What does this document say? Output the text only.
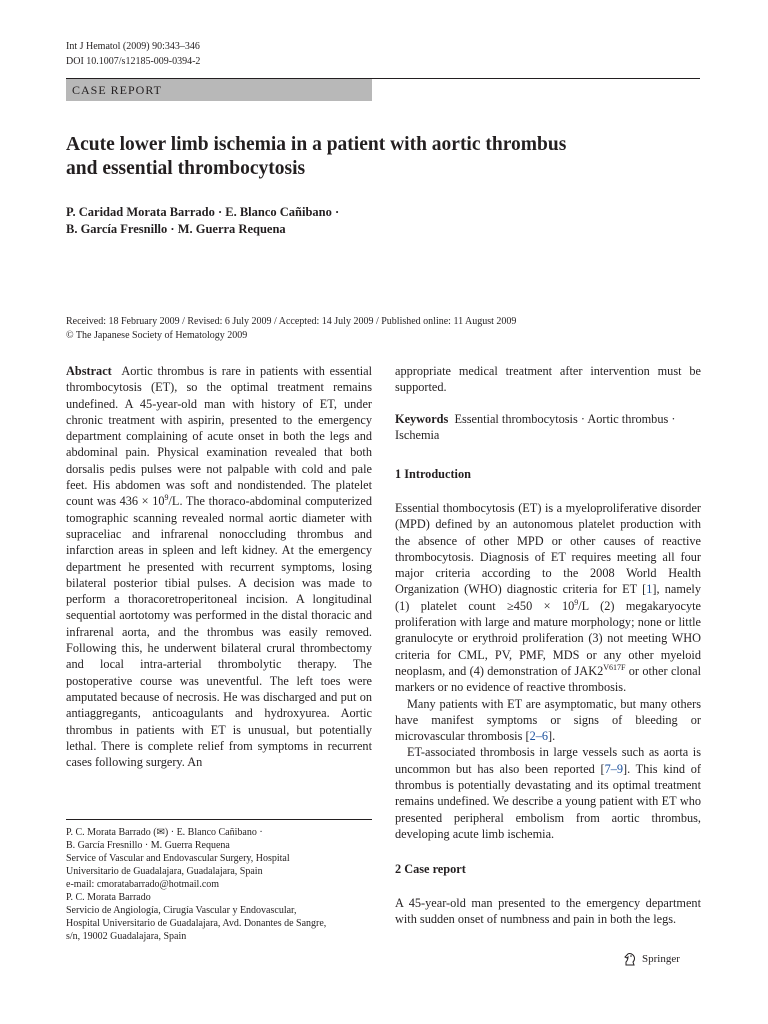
Int J Hematol (2009) 90:343–346
DOI 10.1007/s12185-009-0394-2
CASE REPORT
Acute lower limb ischemia in a patient with aortic thrombus
and essential thrombocytosis
P. Caridad Morata Barrado · E. Blanco Cañibano ·
B. García Fresnillo · M. Guerra Requena
Received: 18 February 2009 / Revised: 6 July 2009 / Accepted: 14 July 2009 / Published online: 11 August 2009
© The Japanese Society of Hematology 2009

Abstract Aortic thrombus is rare in patients with essential thrombocytosis (ET), so the optimal treatment remains undefined. A 45-year-old man with history of ET, under chronic treatment with aspirin, presented to the emergency department complaining of acute onset in both the legs and abdominal pain. Physical examination revealed that both dorsalis pedis pulses were not palpable with cold and pale feet. His abdomen was soft and nondistended. The platelet count was $436 \times 10^9/L$. The thoraco-abdominal computerized tomographic scanning revealed normal aortic diameter with supraceliac and infrarenal nonoccluding thrombus and infarction areas in spleen and left kidney. At the emergency department he presented with recurrent symptoms, losing bilateral posterior tibial pulses. A decision was made to perform a thoracoretroperitoneal incision. A longitudinal sequential aortotomy was performed in the distal thoracic and infrarenal aorta, and the thrombus was easily removed. Following this, he underwent bilateral crural thrombectomy and local intra-arterial thrombolytic therapy. The postoperative course was uneventful. The left toes were amputated because of necrosis. He was discharged and put on antiaggregants, anticoagulants and hydroxyurea. Aortic thrombus in patients with ET is unusual, but potentially lethal. There is complete relief from symptoms in recurrent cases following surgery. An

P. C. Morata Barrado (✉) · E. Blanco Cañibano ·
B. García Fresnillo · M. Guerra Requena
Service of Vascular and Endovascular Surgery, Hospital
Universitario de Guadalajara, Guadalajara, Spain
e-mail: cmoratabarrado@hotmail.com
P. C. Morata Barrado
Servicio de Angiología, Cirugía Vascular y Endovascular,
Hospital Universitario de Guadalajara, Avd. Donantes de Sangre,
s/n, 19002 Guadalajara, Spain

appropriate medical treatment after intervention must be supported.

Keywords Essential thrombocytosis · Aortic thrombus · Ischemia

1 Introduction

Essential thombocytosis (ET) is a myeloproliferative disorder (MPD) defined by an autonomous platelet production with the absence of other MPD or other causes of reactive thrombocytosis. Diagnosis of ET requires meeting all four major criteria according to the 2008 World Health Organization (WHO) diagnostic criteria for ET [1], namely (1) platelet count $\ge 450 \times 10^9/L$ (2) megakaryocyte proliferation with large and mature morphology; none or little granulocyte or erythroid proliferation (3) not meeting WHO criteria for CML, PV, PMF, MDS or any other myeloid neoplasm, and (4) demonstration of $JAK2^{V617F}$ or other clonal markers or no evidence of reactive thrombosis.

Many patients with ET are asymptomatic, but many others have manifest symptoms or signs of bleeding or microvascular thrombosis [2–6].

ET-associated thrombosis in large vessels such as aorta is uncommon but has also been reported [7–9]. This kind of thrombus is potentially devastating and its optimal treatment remains undefined. We describe a young patient with ET who presented peripheral embolism from aortic thrombus, developing acute limb ischemia.

2 Case report

A 45-year-old man presented to the emergency department with sudden onset of numbness and pain in both the legs.

Springer
